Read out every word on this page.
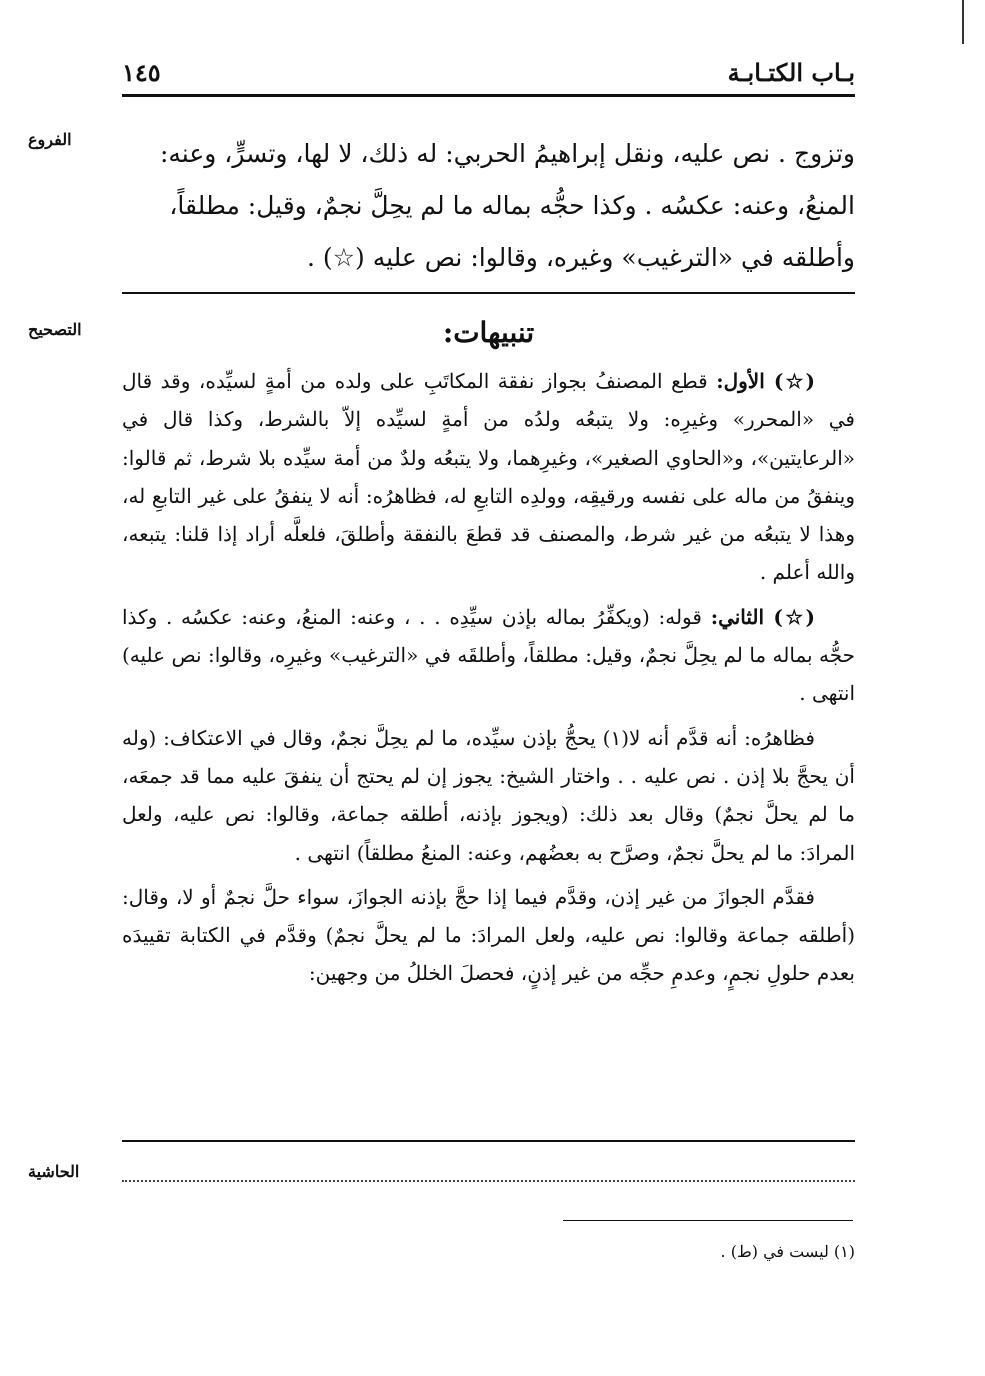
بـاب الكتـابـة
١٤٥
الفروع	وتزوج . نص عليه، ونقل إبراهيمُ الحربي: له ذلك، لا لها، وتسرٍّ، وعنه:

المنعُ، وعنه: عكسُه . وكذا حجُّه بماله ما لم يحِلَّ نجمٌ، وقيل: مطلقاً،

وأطلقه في «الترغيب» وغيره، وقالوا: نص عليه (☆) .

التصحيح	تنبيهات:

(☆) الأول: قطع المصنفُ بجواز نفقة المكاتَبِ على ولده من أمةٍ لسيِّده، وقد قال في «المحرر» وغيرِه: ولا يتبعُه ولدُه من أمةٍ لسيِّده إلاّ بالشرط، وكذا قال في «الرعايتين»، و«الحاوي الصغير»، وغيرِهما، ولا يتبعُه ولدٌ من أمة سيِّده بلا شرط، ثم قالوا: وينفقُ من ماله على نفسه ورقيقِه، وولدِه التابعِ له، فظاهرُه: أنه لا ينفقُ على غير التابعِ له، وهذا لا يتبعُه من غير شرط، والمصنف قد قطعَ بالنفقة وأطلقَ، فلعلَّه أراد إذا قلنا: يتبعه، والله أعلم .

(☆) الثاني: قوله: (ويكفِّرُ بماله بإذن سيِّدِه . . ، وعنه: المنعُ، وعنه: عكسُه . وكذا حجُّه بماله ما لم يحِلَّ نجمٌ، وقيل: مطلقاً، وأطلقَه في «الترغيب» وغيرِه، وقالوا: نص عليه) انتهى .

فظاهرُه: أنه قدَّم أنه لا(١) يحجُّ بإذن سيِّده، ما لم يحِلَّ نجمٌ، وقال في الاعتكاف: (وله أن يحجَّ بلا إذن . نص عليه . . واختار الشيخ: يجوز إن لم يحتج أن ينفقَ عليه مما قد جمعَه، ما لم يحلَّ نجمٌ) وقال بعد ذلك: (ويجوز بإذنه، أطلقه جماعة، وقالوا: نص عليه، ولعل المرادَ: ما لم يحلَّ نجمٌ، وصرَّح به بعضُهم، وعنه: المنعُ مطلقاً) انتهى .

فقدَّم الجوازَ من غير إذن، وقدَّم فيما إذا حجَّ بإذنه الجوازَ، سواء حلَّ نجمٌ أو لا، وقال: (أطلقه جماعة وقالوا: نص عليه، ولعل المرادَ: ما لم يحلَّ نجمٌ) وقدَّم في الكتابة تقييدَه بعدم حلولِ نجمٍ، وعدمِ حجِّه من غير إذنٍ، فحصلَ الخللُ من وجهين:

الحاشية
(١) ليست في (ط) .
